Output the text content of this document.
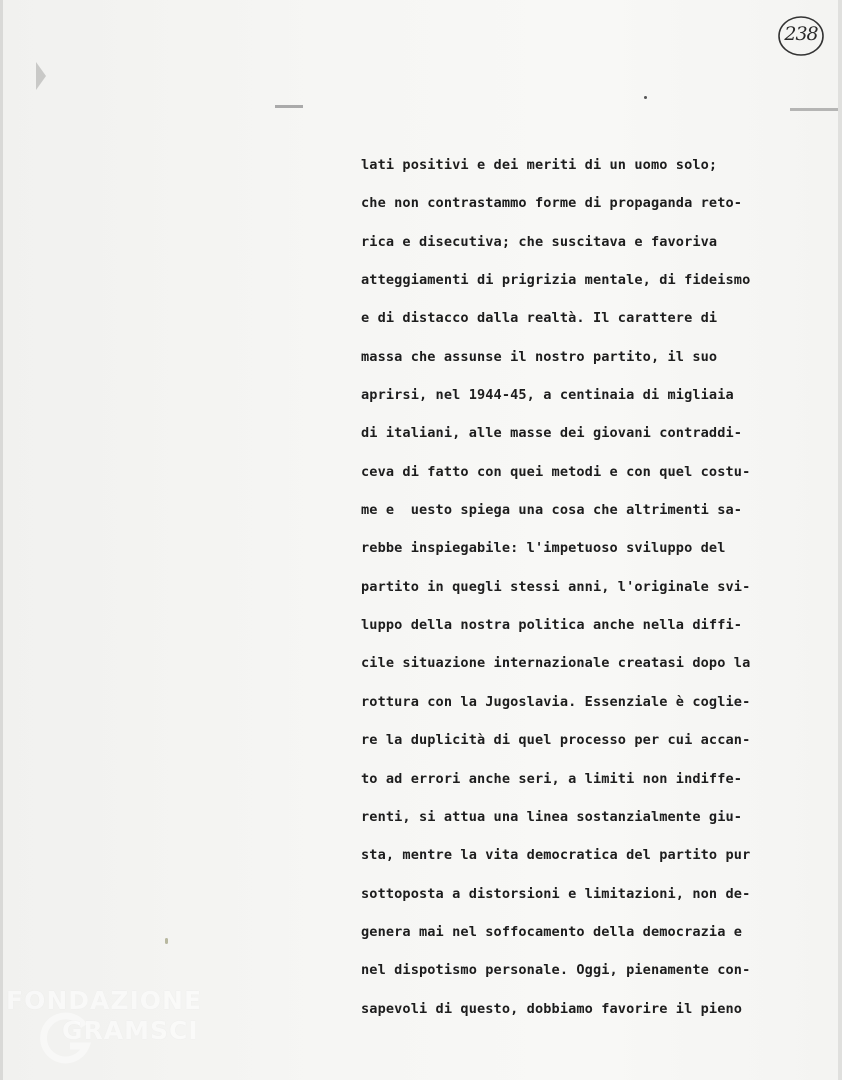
238
lati positivi e dei meriti di un uomo solo;
che non contrastammo forme di propaganda reto-
rica e disecutiva; che suscitava e favoriva
atteggiamenti di prigrizia mentale, di fideismo
e di distacco dalla realtà. Il carattere di
massa che assunse il nostro partito, il suo
aprirsi, nel 1944-45, a centinaia di migliaia
di italiani, alle masse dei giovani contraddi-
ceva di fatto con quei metodi e con quel costu-
me e  uesto spiega una cosa che altrimenti sa-
rebbe inspiegabile: l'impetuoso sviluppo del
partito in quegli stessi anni, l'originale svi-
luppo della nostra politica anche nella diffi-
cile situazione internazionale creatasi dopo la
rottura con la Jugoslavia. Essenziale è coglie-
re la duplicità di quel processo per cui accan-
to ad errori anche seri, a limiti non indiffe-
renti, si attua una linea sostanzialmente giu-
sta, mentre la vita democratica del partito pur
sottoposta a distorsioni e limitazioni, non de-
genera mai nel soffocamento della democrazia e
nel dispotismo personale. Oggi, pienamente con-
sapevoli di questo, dobbiamo favorire il pieno
FONDAZIONE
GRAMSCI
